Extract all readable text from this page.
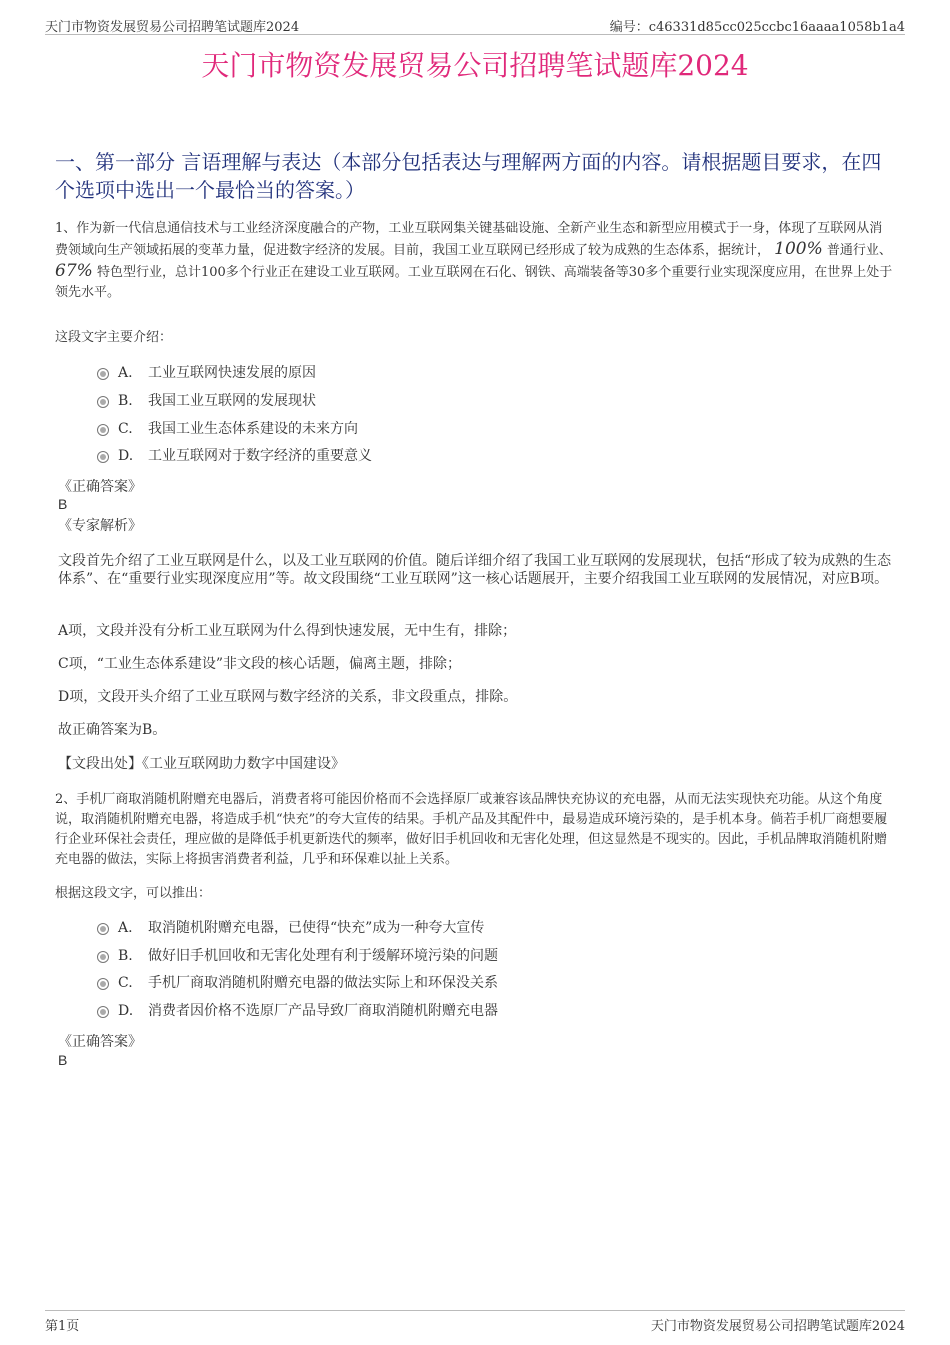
天门市物资发展贸易公司招聘笔试题库2024	编号：c46331d85cc025ccbc16aaaa1058b1a4
天门市物资发展贸易公司招聘笔试题库2024
一、第一部分 言语理解与表达（本部分包括表达与理解两方面的内容。请根据题目要求，在四个选项中选出一个最恰当的答案。）
1、作为新一代信息通信技术与工业经济深度融合的产物，工业互联网集关键基础设施、全新产业生态和新型应用模式于一身，体现了互联网从消费领域向生产领域拓展的变革力量，促进数字经济的发展。目前，我国工业互联网已经形成了较为成熟的生态体系，据统计， 100% 普通行业、 67% 特色型行业，总计100多个行业正在建设工业互联网。工业互联网在石化、钢铁、高端装备等30多个重要行业实现深度应用，在世界上处于领先水平。
这段文字主要介绍：
A. 工业互联网快速发展的原因
B. 我国工业互联网的发展现状
C. 我国工业生态体系建设的未来方向
D. 工业互联网对于数字经济的重要意义
《正确答案》
B
《专家解析》
文段首先介绍了工业互联网是什么，以及工业互联网的价值。随后详细介绍了我国工业互联网的发展现状，包括“形成了较为成熟的生态体系”、在“重要行业实现深度应用”等。故文段围绕“工业互联网”这一核心话题展开，主要介绍我国工业互联网的发展情况，对应B项。
A项，文段并没有分析工业互联网为什么得到快速发展，无中生有，排除；
C项，“工业生态体系建设”非文段的核心话题，偏离主题，排除；
D项，文段开头介绍了工业互联网与数字经济的关系，非文段重点，排除。
故正确答案为B。
【文段出处】《工业互联网助力数字中国建设》
2、手机厂商取消随机附赠充电器后，消费者将可能因价格而不会选择原厂或兼容该品牌快充协议的充电器，从而无法实现快充功能。从这个角度说，取消随机附赠充电器，将造成手机“快充”的夸大宣传的结果。手机产品及其配件中，最易造成环境污染的，是手机本身。倘若手机厂商想要履行企业环保社会责任，理应做的是降低手机更新迭代的频率，做好旧手机回收和无害化处理，但这显然是不现实的。因此，手机品牌取消随机附赠充电器的做法，实际上将损害消费者利益，几乎和环保难以扯上关系。
根据这段文字，可以推出：
A. 取消随机附赠充电器，已使得“快充”成为一种夸大宣传
B. 做好旧手机回收和无害化处理有利于缓解环境污染的问题
C. 手机厂商取消随机附赠充电器的做法实际上和环保没关系
D. 消费者因价格不选原厂产品导致厂商取消随机附赠充电器
《正确答案》
B
第1页	天门市物资发展贸易公司招聘笔试题库2024
